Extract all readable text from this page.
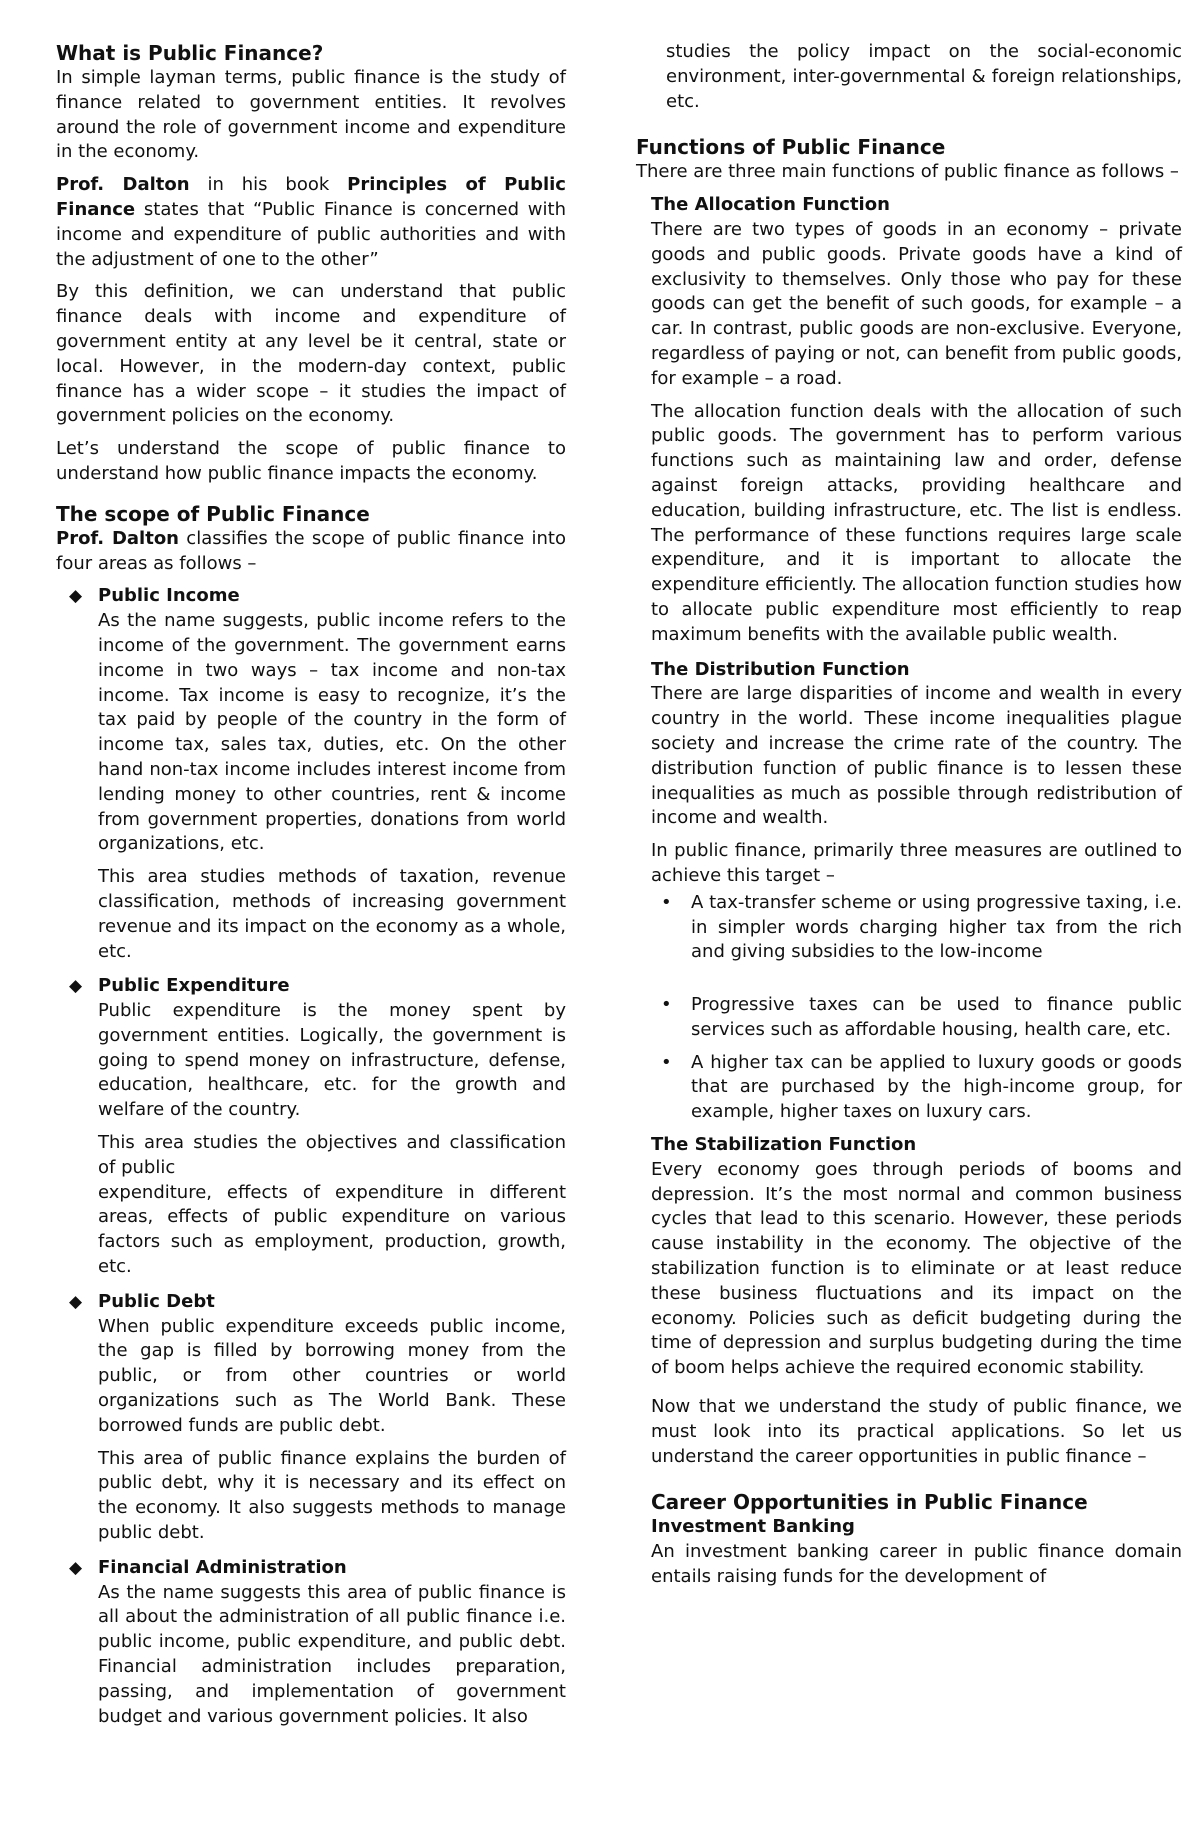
What is Public Finance?

In simple layman terms, public finance is the study of finance related to government entities. It revolves around the role of government income and expenditure in the economy.

Prof. Dalton in his book Principles of Public Finance states that “Public Finance is concerned with income and expenditure of public authorities and with the adjustment of one to the other”

By this definition, we can understand that public finance deals with income and expenditure of government entity at any level be it central, state or local. However, in the modern-day context, public finance has a wider scope – it studies the impact of government policies on the economy.

Let’s understand the scope of public finance to understand how public finance impacts the economy.

The scope of Public Finance

Prof. Dalton classifies the scope of public finance into four areas as follows –

◆ Public Income

As the name suggests, public income refers to the income of the government. The government earns income in two ways – tax income and non-tax income. Tax income is easy to recognize, it’s the tax paid by people of the country in the form of income tax, sales tax, duties, etc. On the other hand non-tax income includes interest income from lending money to other countries, rent & income from government properties, donations from world organizations, etc.

This area studies methods of taxation, revenue classification, methods of increasing government revenue and its impact on the economy as a whole, etc.

◆ Public Expenditure

Public expenditure is the money spent by government entities. Logically, the government is going to spend money on infrastructure, defense, education, healthcare, etc. for the growth and welfare of the country.

This area studies the objectives and classification of public

expenditure, effects of expenditure in different areas, effects of public expenditure on various factors such as employment, production, growth, etc.

◆ Public Debt

When public expenditure exceeds public income, the gap is filled by borrowing money from the public, or from other countries or world organizations such as The World Bank. These borrowed funds are public debt.

This area of public finance explains the burden of public debt, why it is necessary and its effect on the economy. It also suggests methods to manage public debt.

◆ Financial Administration

As the name suggests this area of public finance is all about the administration of all public finance i.e. public income, public expenditure, and public debt. Financial administration includes preparation, passing, and implementation of government budget and various government policies. It also

studies the policy impact on the social-economic environment, inter-governmental & foreign relationships, etc.

Functions of Public Finance

There are three main functions of public finance as follows –

The Allocation Function

There are two types of goods in an economy – private goods and public goods. Private goods have a kind of exclusivity to themselves. Only those who pay for these goods can get the benefit of such goods, for example – a car. In contrast, public goods are non-exclusive. Everyone, regardless of paying or not, can benefit from public goods, for example – a road.

The allocation function deals with the allocation of such public goods. The government has to perform various functions such as maintaining law and order, defense against foreign attacks, providing healthcare and education, building infrastructure, etc. The list is endless. The performance of these functions requires large scale expenditure, and it is important to allocate the expenditure efficiently. The allocation function studies how to allocate public expenditure most efficiently to reap maximum benefits with the available public wealth.

The Distribution Function

There are large disparities of income and wealth in every country in the world. These income inequalities plague society and increase the crime rate of the country. The distribution function of public finance is to lessen these inequalities as much as possible through redistribution of income and wealth.

In public finance, primarily three measures are outlined to achieve this target –

• A tax-transfer scheme or using progressive taxing, i.e. in simpler words charging higher tax from the rich and giving subsidies to the low-income

• Progressive taxes can be used to finance public services such as affordable housing, health care, etc.

• A higher tax can be applied to luxury goods or goods that are purchased by the high-income group, for example, higher taxes on luxury cars.

The Stabilization Function

Every economy goes through periods of booms and depression. It’s the most normal and common business cycles that lead to this scenario. However, these periods cause instability in the economy. The objective of the stabilization function is to eliminate or at least reduce these business fluctuations and its impact on the economy. Policies such as deficit budgeting during the time of depression and surplus budgeting during the time of boom helps achieve the required economic stability.

Now that we understand the study of public finance, we must look into its practical applications. So let us understand the career opportunities in public finance –

Career Opportunities in Public Finance
Investment Banking

An investment banking career in public finance domain entails raising funds for the development of
